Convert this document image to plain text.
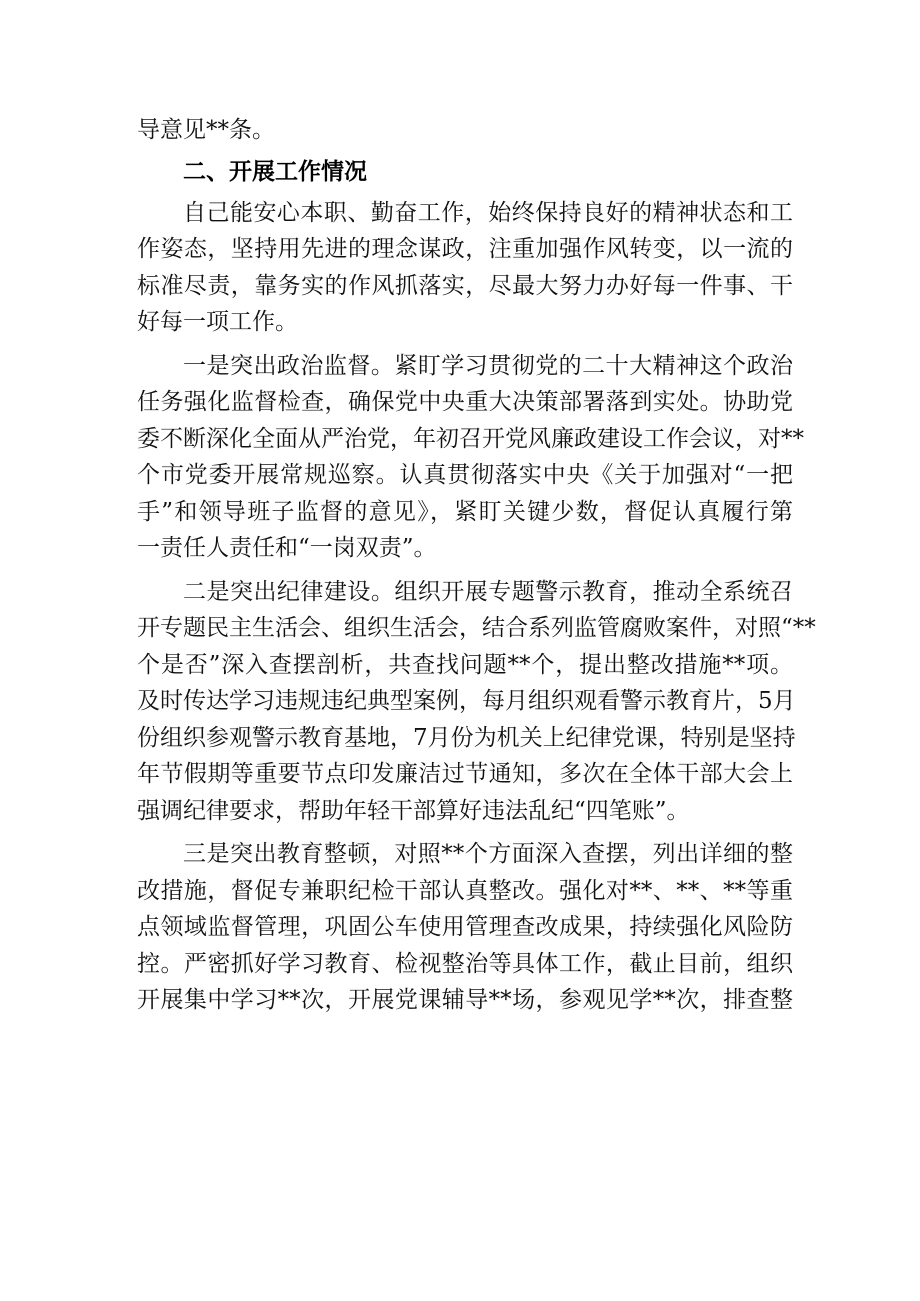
导意见**条。

二、开展工作情况

自己能安心本职、勤奋工作，始终保持良好的精神状态和工

作姿态，坚持用先进的理念谋政，注重加强作风转变，以一流的

标准尽责，靠务实的作风抓落实，尽最大努力办好每一件事、干

好每一项工作。

一是突出政治监督。紧盯学习贯彻党的二十大精神这个政治

任务强化监督检查，确保党中央重大决策部署落到实处。协助党

委不断深化全面从严治党，年初召开党风廉政建设工作会议，对**

个市党委开展常规巡察。认真贯彻落实中央《关于加强对“一把

手”和领导班子监督的意见》，紧盯关键少数，督促认真履行第

一责任人责任和“一岗双责”。

二是突出纪律建设。组织开展专题警示教育，推动全系统召

开专题民主生活会、组织生活会，结合系列监管腐败案件，对照“**

个是否”深入查摆剖析，共查找问题**个，提出整改措施**项。

及时传达学习违规违纪典型案例，每月组织观看警示教育片，5月

份组织参观警示教育基地，7月份为机关上纪律党课，特别是坚持

年节假期等重要节点印发廉洁过节通知，多次在全体干部大会上

强调纪律要求，帮助年轻干部算好违法乱纪“四笔账”。

三是突出教育整顿，对照**个方面深入查摆，列出详细的整

改措施，督促专兼职纪检干部认真整改。强化对**、**、**等重

点领域监督管理，巩固公车使用管理查改成果，持续强化风险防

控。严密抓好学习教育、检视整治等具体工作，截止目前，组织

开展集中学习**次，开展党课辅导**场，参观见学**次，排查整
